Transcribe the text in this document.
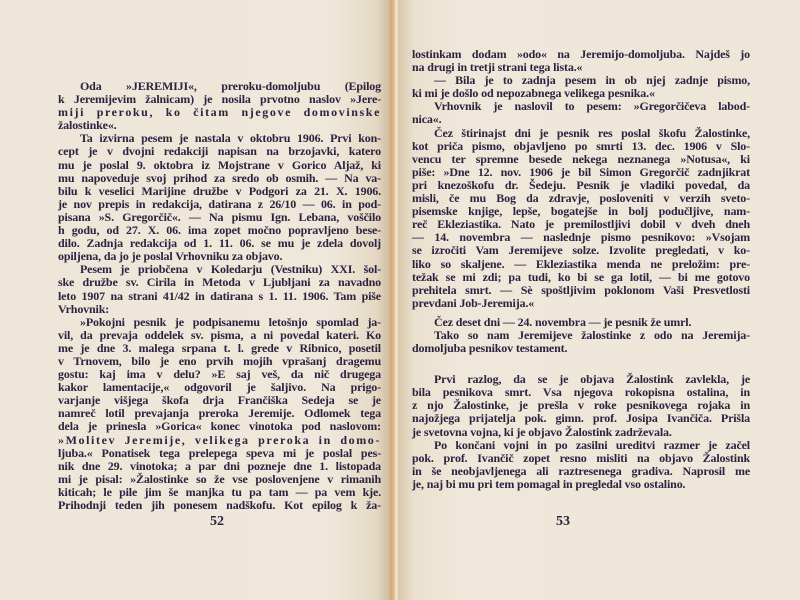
Oda »JEREMIJI«, preroku-domoljubu (Epilog
k Jeremijevim žalnicam) je nosila prvotno naslov »Jere-
miji preroku, ko čitam njegove domovinske
žalostinke«.
Ta izvirna pesem je nastala v oktobru 1906. Prvi kon-
cept je v dvojni redakciji napisan na brzojavki, katero
mu je poslal 9. oktobra iz Mojstrane v Gorico Aljaž, ki
mu napoveduje svoj prihod za sredo ob osmih. — Na va-
bilu k veselici Marijine družbe v Podgori za 21. X. 1906.
je nov prepis in redakcija, datirana z 26/10 — 06. in pod-
pisana »S. Gregorčič«. — Na pismu Ign. Lebana, voščilo
h godu, od 27. X. 06. ima zopet močno popravljeno bese-
dilo. Zadnja redakcija od 1. 11. 06. se mu je zdela dovolj
opiljena, da jo je poslal Vrhovniku za objavo.
Pesem je priobčena v Koledarju (Vestniku) XXI. šol-
ske družbe sv. Cirila in Metoda v Ljubljani za navadno
leto 1907 na strani 41/42 in datirana s 1. 11. 1906. Tam piše
Vrhovnik:
»Pokojni pesnik je podpisanemu letošnjo spomlad ja-
vil, da prevaja oddelek sv. pisma, a ni povedal kateri. Ko
me je dne 3. malega srpana t. l. grede v Ribnico, posetil
v Trnovem, bilo je eno prvih mojih vprašanj dragemu
gostu: kaj ima v delu? »E saj veš, da nič drugega
kakor lamentacije,« odgovoril je šaljivo. Na prigo-
varjanje višjega škofa drja Frančiška Sedeja se je
namreč lotil prevajanja preroka Jeremije. Odlomek tega
dela je prinesla »Gorica« konec vinotoka pod naslovom:
»Molitev Jeremije, velikega preroka in domo-
ljuba.« Ponatisek tega prelepega speva mi je poslal pes-
nik dne 29. vinotoka; a par dni pozneje dne 1. listopada
mi je pisal: »Žalostinke so že vse poslovenjene v rimanih
kiticah; le pile jim še manjka tu pa tam — pa vem kje.
Prihodnji teden jih ponesem nadškofu. Kot epilog k ža-
52
lostinkam dodam »odo« na Jeremijo-domoljuba. Najdeš jo
na drugi in tretji strani tega lista.«
— Bila je to zadnja pesem in ob njej zadnje pismo,
ki mi je došlo od nepozabnega velikega pesnika.«
Vrhovnik je naslovil to pesem: »Gregorčičeva labod-
nica«.
Čez štirinajst dni je pesnik res poslal škofu Žalostinke,
kot priča pismo, objavljeno po smrti 13. dec. 1906 v Slo-
vencu ter spremne besede nekega neznanega »Notusa«, ki
piše: »Dne 12. nov. 1906 je bil Simon Gregorčič zadnjikrat
pri knezoškofu dr. Šedeju. Pesnik je vladiki povedal, da
misli, če mu Bog da zdravje, posloveniti v verzih sveto-
pisemske knjige, lepše, bogatejše in bolj podučljive, nam-
reč Ekleziastika. Nato je premilostljivi dobil v dveh dneh
— 14. novembra — naslednje pismo pesnikovo: »Vsojam
se izročiti Vam Jeremijeve solze. Izvolite pregledati, v ko-
liko so skaljene. — Ekleziastika menda ne preložim: pre-
težak se mi zdi; pa tudi, ko bi se ga lotil, — bi me gotovo
prehitela smrt. — Sè spoštljivim poklonom Vaši Presvetlosti
prevdani Job-Jeremija.«
Čez deset dni — 24. novembra — je pesnik že umrl.
Tako so nam Jeremijeve žalostinke z odo na Jeremija-
domoljuba pesnikov testament.
Prvi razlog, da se je objava Žalostink zavlekla, je
bila pesnikova smrt. Vsa njegova rokopisna ostalina, in
z njo Žalostinke, je prešla v roke pesnikovega rojaka in
najožjega prijatelja pok. gimn. prof. Josipa Ivančiča. Prišla
je svetovna vojna, ki je objavo Žalostink zadrževala.
Po končani vojni in po zasilni ureditvi razmer je začel
pok. prof. Ivančič zopet resno misliti na objavo Žalostink
in še neobjavljenega ali raztresenega gradiva. Naprosil me
je, naj bi mu pri tem pomagal in pregledal vso ostalino.
53
